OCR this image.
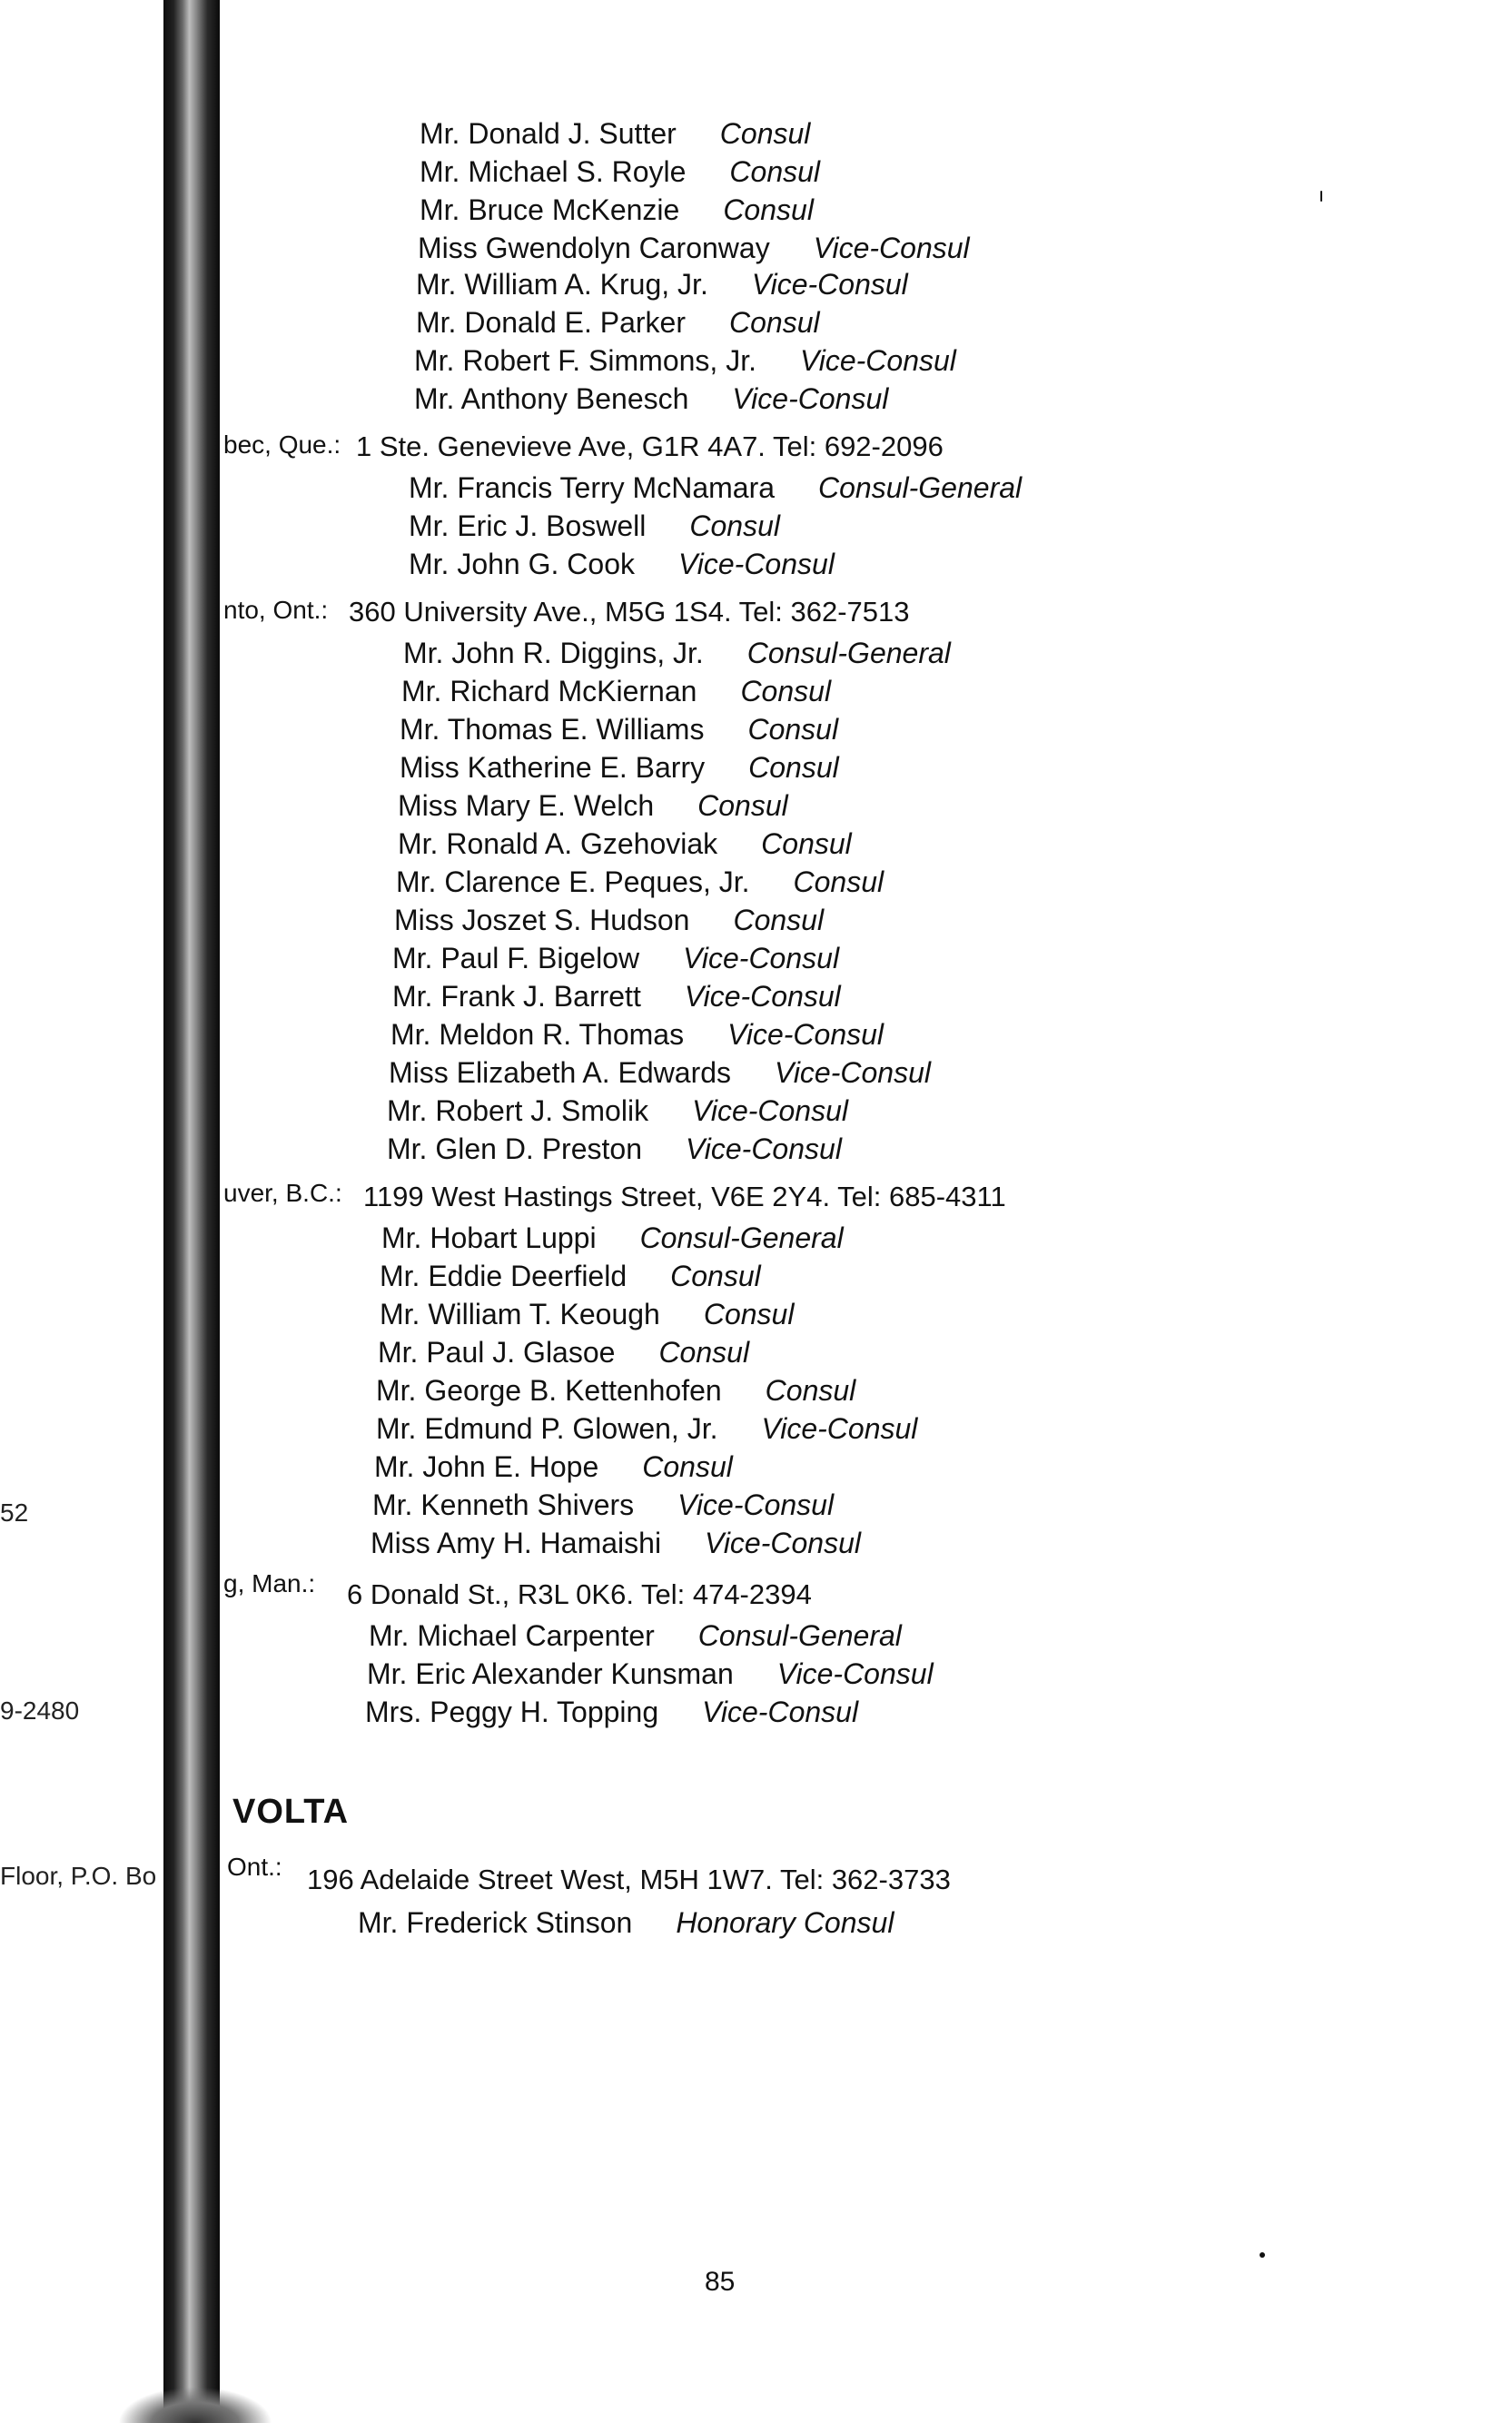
52
9-2480
Floor, P.O. Bo
Mr. Donald J. Sutter Consul
Mr. Michael S. Royle Consul
Mr. Bruce McKenzie Consul
Miss Gwendolyn Caronway Vice-Consul
Mr. William A. Krug, Jr. Vice-Consul
Mr. Donald E. Parker Consul
Mr. Robert F. Simmons, Jr. Vice-Consul
Mr. Anthony Benesch Vice-Consul
bec, Que.: 1 Ste. Genevieve Ave, G1R 4A7. Tel: 692-2096
Mr. Francis Terry McNamara Consul-General
Mr. Eric J. Boswell Consul
Mr. John G. Cook Vice-Consul
nto, Ont.: 360 University Ave., M5G 1S4. Tel: 362-7513
Mr. John R. Diggins, Jr. Consul-General
Mr. Richard McKiernan Consul
Mr. Thomas E. Williams Consul
Miss Katherine E. Barry Consul
Miss Mary E. Welch Consul
Mr. Ronald A. Gzehoviak Consul
Mr. Clarence E. Peques, Jr. Consul
Miss Joszet S. Hudson Consul
Mr. Paul F. Bigelow Vice-Consul
Mr. Frank J. Barrett Vice-Consul
Mr. Meldon R. Thomas Vice-Consul
Miss Elizabeth A. Edwards Vice-Consul
Mr. Robert J. Smolik Vice-Consul
Mr. Glen D. Preston Vice-Consul
uver, B.C.: 1199 West Hastings Street, V6E 2Y4. Tel: 685-4311
Mr. Hobart Luppi Consul-General
Mr. Eddie Deerfield Consul
Mr. William T. Keough Consul
Mr. Paul J. Glasoe Consul
Mr. George B. Kettenhofen Consul
Mr. Edmund P. Glowen, Jr. Vice-Consul
Mr. John E. Hope Consul
Mr. Kenneth Shivers Vice-Consul
Miss Amy H. Hamaishi Vice-Consul
g, Man.: 6 Donald St., R3L 0K6. Tel: 474-2394
Mr. Michael Carpenter Consul-General
Mr. Eric Alexander Kunsman Vice-Consul
Mrs. Peggy H. Topping Vice-Consul
VOLTA
Ont.: 196 Adelaide Street West, M5H 1W7. Tel: 362-3733
Mr. Frederick Stinson Honorary Consul
85
